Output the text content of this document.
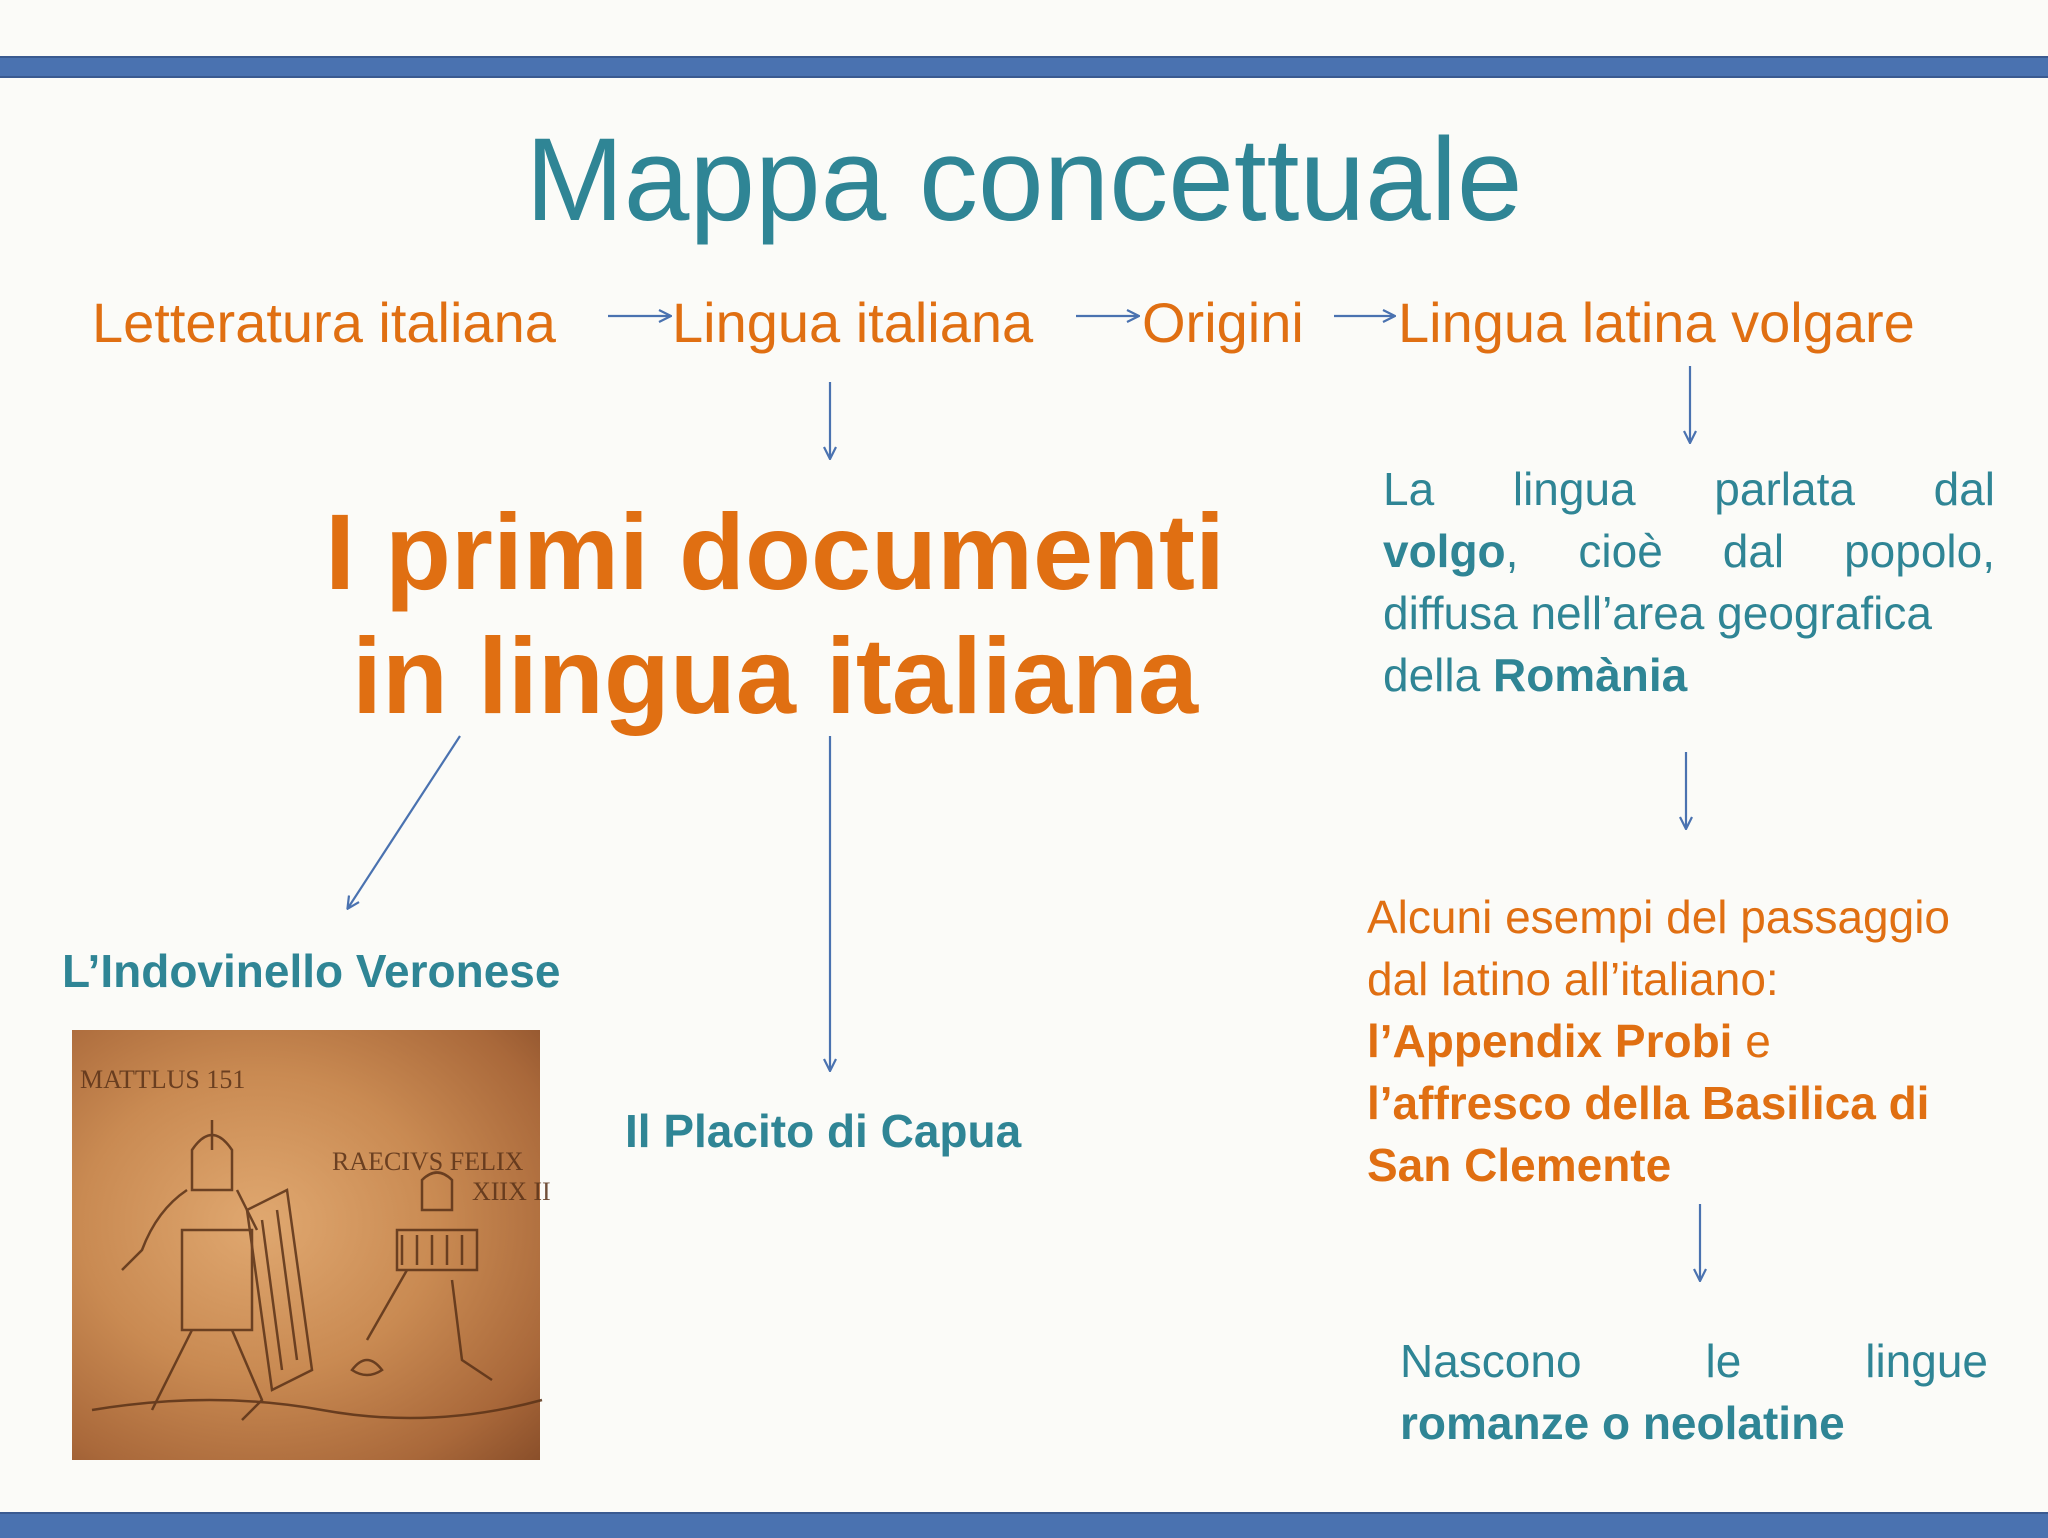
Mappa concettuale
Letteratura italiana Lingua italiana Origini Lingua latina volgare
I primi documenti
in lingua italiana
La lingua parlata dal
volgo, cioè dal popolo,
diffusa nell’area geografica
della Romània
Alcuni esempi del passaggio
dal latino all’italiano:
l’Appendix Probi e
l’affresco della Basilica di
San Clemente
Nascono	le	lingue
romanze o neolatine
L’Indovinello Veronese
Il Placito di Capua
MATTLUS 151
RAECIVS FELIX
XIIX II
